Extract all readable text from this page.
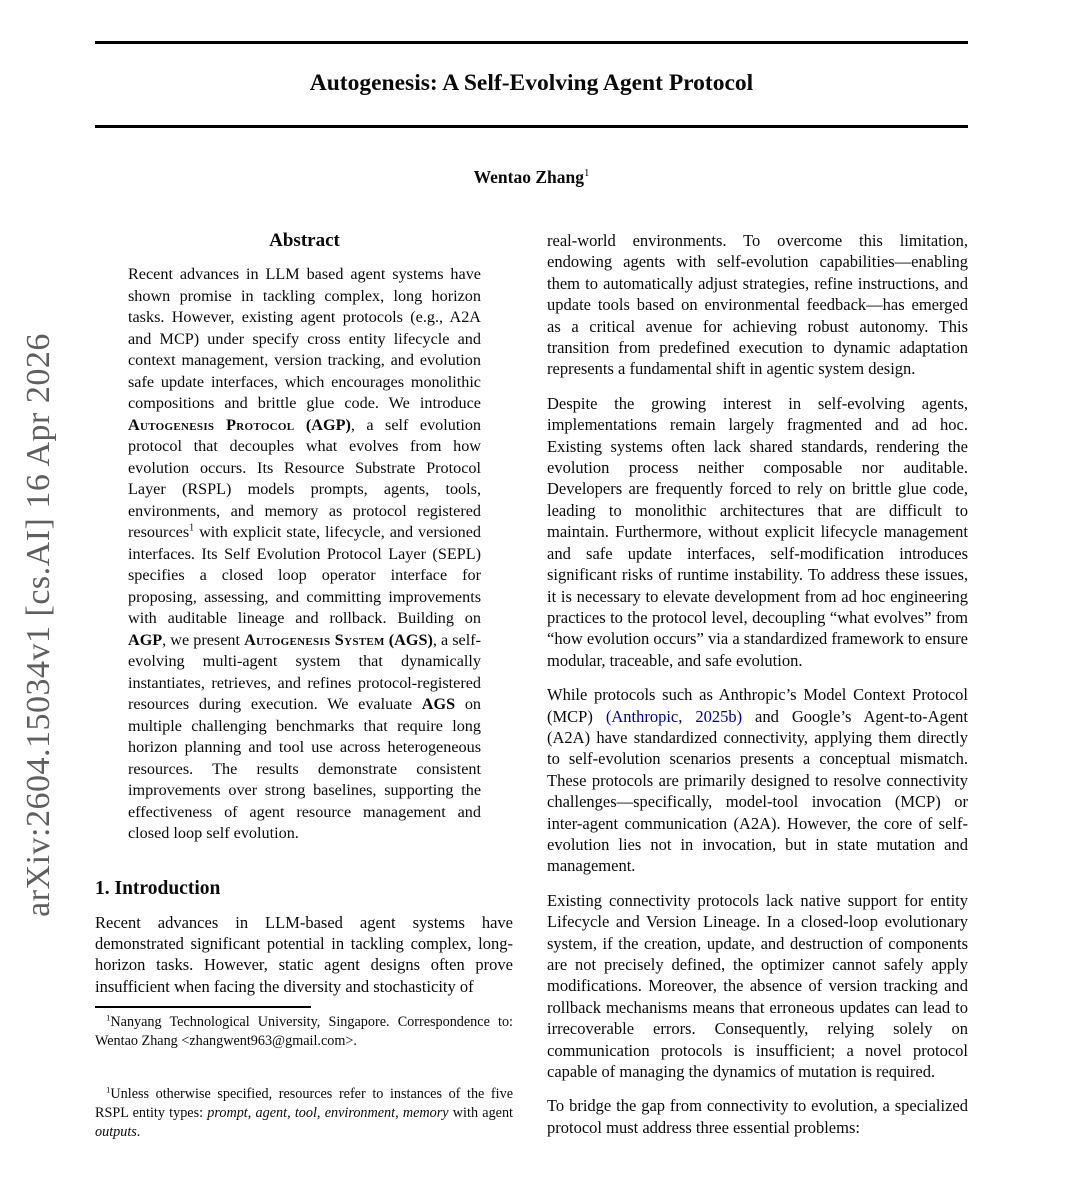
arXiv:2604.15034v1 [cs.AI] 16 Apr 2026
Autogenesis: A Self-Evolving Agent Protocol
Wentao Zhang$^1$
Abstract

Recent advances in LLM based agent systems have shown promise in tackling complex, long horizon tasks. However, existing agent protocols (e.g., A2A and MCP) under specify cross entity lifecycle and context management, version tracking, and evolution safe update interfaces, which encourages monolithic compositions and brittle glue code. We introduce Autogenesis Protocol (AGP), a self evolution protocol that decouples what evolves from how evolution occurs. Its Resource Substrate Protocol Layer (RSPL) models prompts, agents, tools, environments, and memory as protocol registered resources$^1$ with explicit state, lifecycle, and versioned interfaces. Its Self Evolution Protocol Layer (SEPL) specifies a closed loop operator interface for proposing, assessing, and committing improvements with auditable lineage and rollback. Building on AGP, we present Autogenesis System (AGS), a self-evolving multi-agent system that dynamically instantiates, retrieves, and refines protocol-registered resources during execution. We evaluate AGS on multiple challenging benchmarks that require long horizon planning and tool use across heterogeneous resources. The results demonstrate consistent improvements over strong baselines, supporting the effectiveness of agent resource management and closed loop self evolution.

1. Introduction

Recent advances in LLM-based agent systems have demonstrated significant potential in tackling complex, long-horizon tasks. However, static agent designs often prove insufficient when facing the diversity and stochasticity of

$^1$Nanyang Technological University, Singapore. Correspondence to: Wentao Zhang <zhangwent963@gmail.com>.

$^1$Unless otherwise specified, resources refer to instances of the five RSPL entity types: prompt, agent, tool, environment, memory with agent outputs.

real-world environments. To overcome this limitation, endowing agents with self-evolution capabilities—enabling them to automatically adjust strategies, refine instructions, and update tools based on environmental feedback—has emerged as a critical avenue for achieving robust autonomy. This transition from predefined execution to dynamic adaptation represents a fundamental shift in agentic system design.

Despite the growing interest in self-evolving agents, implementations remain largely fragmented and ad hoc. Existing systems often lack shared standards, rendering the evolution process neither composable nor auditable. Developers are frequently forced to rely on brittle glue code, leading to monolithic architectures that are difficult to maintain. Furthermore, without explicit lifecycle management and safe update interfaces, self-modification introduces significant risks of runtime instability. To address these issues, it is necessary to elevate development from ad hoc engineering practices to the protocol level, decoupling “what evolves” from “how evolution occurs” via a standardized framework to ensure modular, traceable, and safe evolution.

While protocols such as Anthropic’s Model Context Protocol (MCP) (Anthropic, 2025b) and Google’s Agent-to-Agent (A2A) have standardized connectivity, applying them directly to self-evolution scenarios presents a conceptual mismatch. These protocols are primarily designed to resolve connectivity challenges—specifically, model-tool invocation (MCP) or inter-agent communication (A2A). However, the core of self-evolution lies not in invocation, but in state mutation and management.

Existing connectivity protocols lack native support for entity Lifecycle and Version Lineage. In a closed-loop evolutionary system, if the creation, update, and destruction of components are not precisely defined, the optimizer cannot safely apply modifications. Moreover, the absence of version tracking and rollback mechanisms means that erroneous updates can lead to irrecoverable errors. Consequently, relying solely on communication protocols is insufficient; a novel protocol capable of managing the dynamics of mutation is required.

To bridge the gap from connectivity to evolution, a specialized protocol must address three essential problems:
